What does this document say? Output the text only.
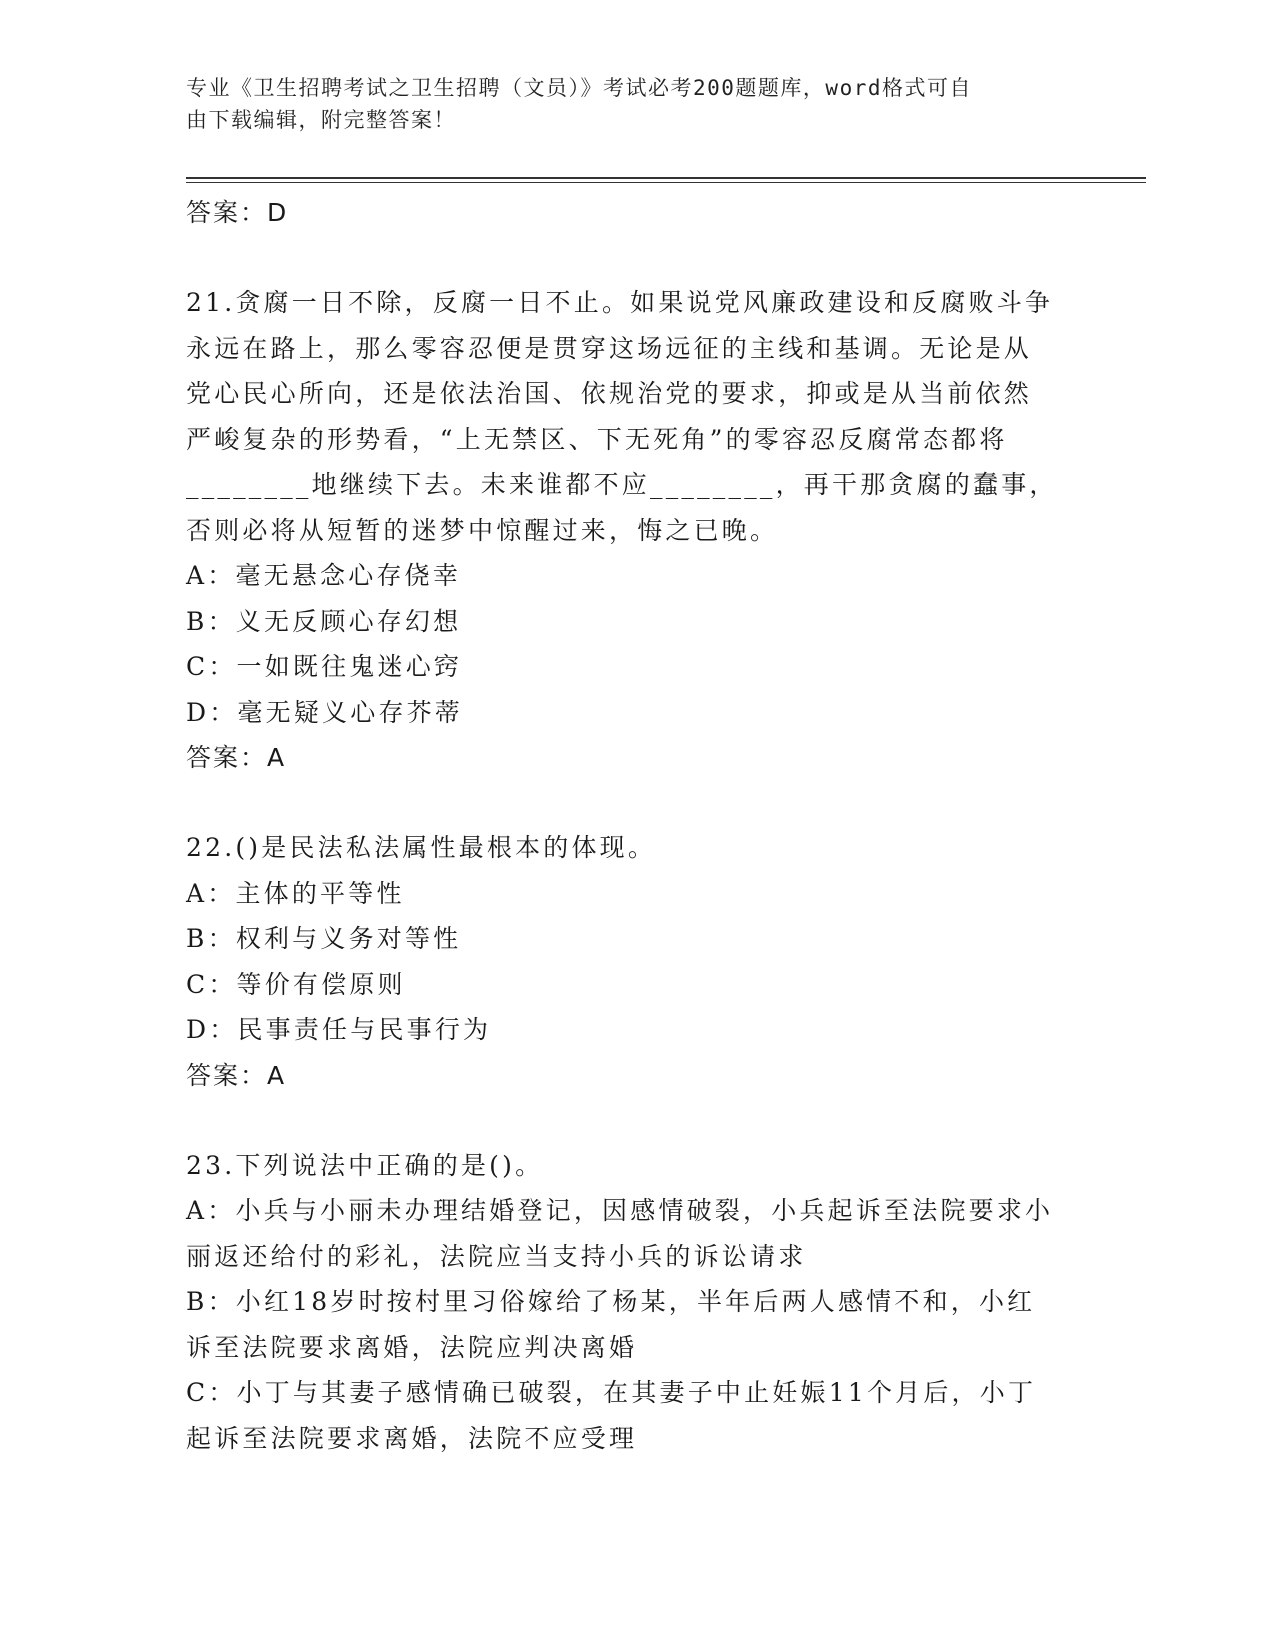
专业《卫生招聘考试之卫生招聘（文员）》考试必考200题题库，word格式可自
由下载编辑，附完整答案！
答案：D
21.贪腐一日不除，反腐一日不止。如果说党风廉政建设和反腐败斗争
永远在路上，那么零容忍便是贯穿这场远征的主线和基调。无论是从
党心民心所向，还是依法治国、依规治党的要求，抑或是从当前依然
严峻复杂的形势看，“上无禁区、下无死角”的零容忍反腐常态都将
________地继续下去。未来谁都不应________，再干那贪腐的蠢事，
否则必将从短暂的迷梦中惊醒过来，悔之已晚。
A：毫无悬念心存侥幸
B：义无反顾心存幻想
C：一如既往鬼迷心窍
D：毫无疑义心存芥蒂
答案：A
22.()是民法私法属性最根本的体现。
A：主体的平等性
B：权利与义务对等性
C：等价有偿原则
D：民事责任与民事行为
答案：A
23.下列说法中正确的是()。
A：小兵与小丽未办理结婚登记，因感情破裂，小兵起诉至法院要求小
丽返还给付的彩礼，法院应当支持小兵的诉讼请求
B：小红18岁时按村里习俗嫁给了杨某，半年后两人感情不和，小红
诉至法院要求离婚，法院应判决离婚
C：小丁与其妻子感情确已破裂，在其妻子中止妊娠11个月后，小丁
起诉至法院要求离婚，法院不应受理
